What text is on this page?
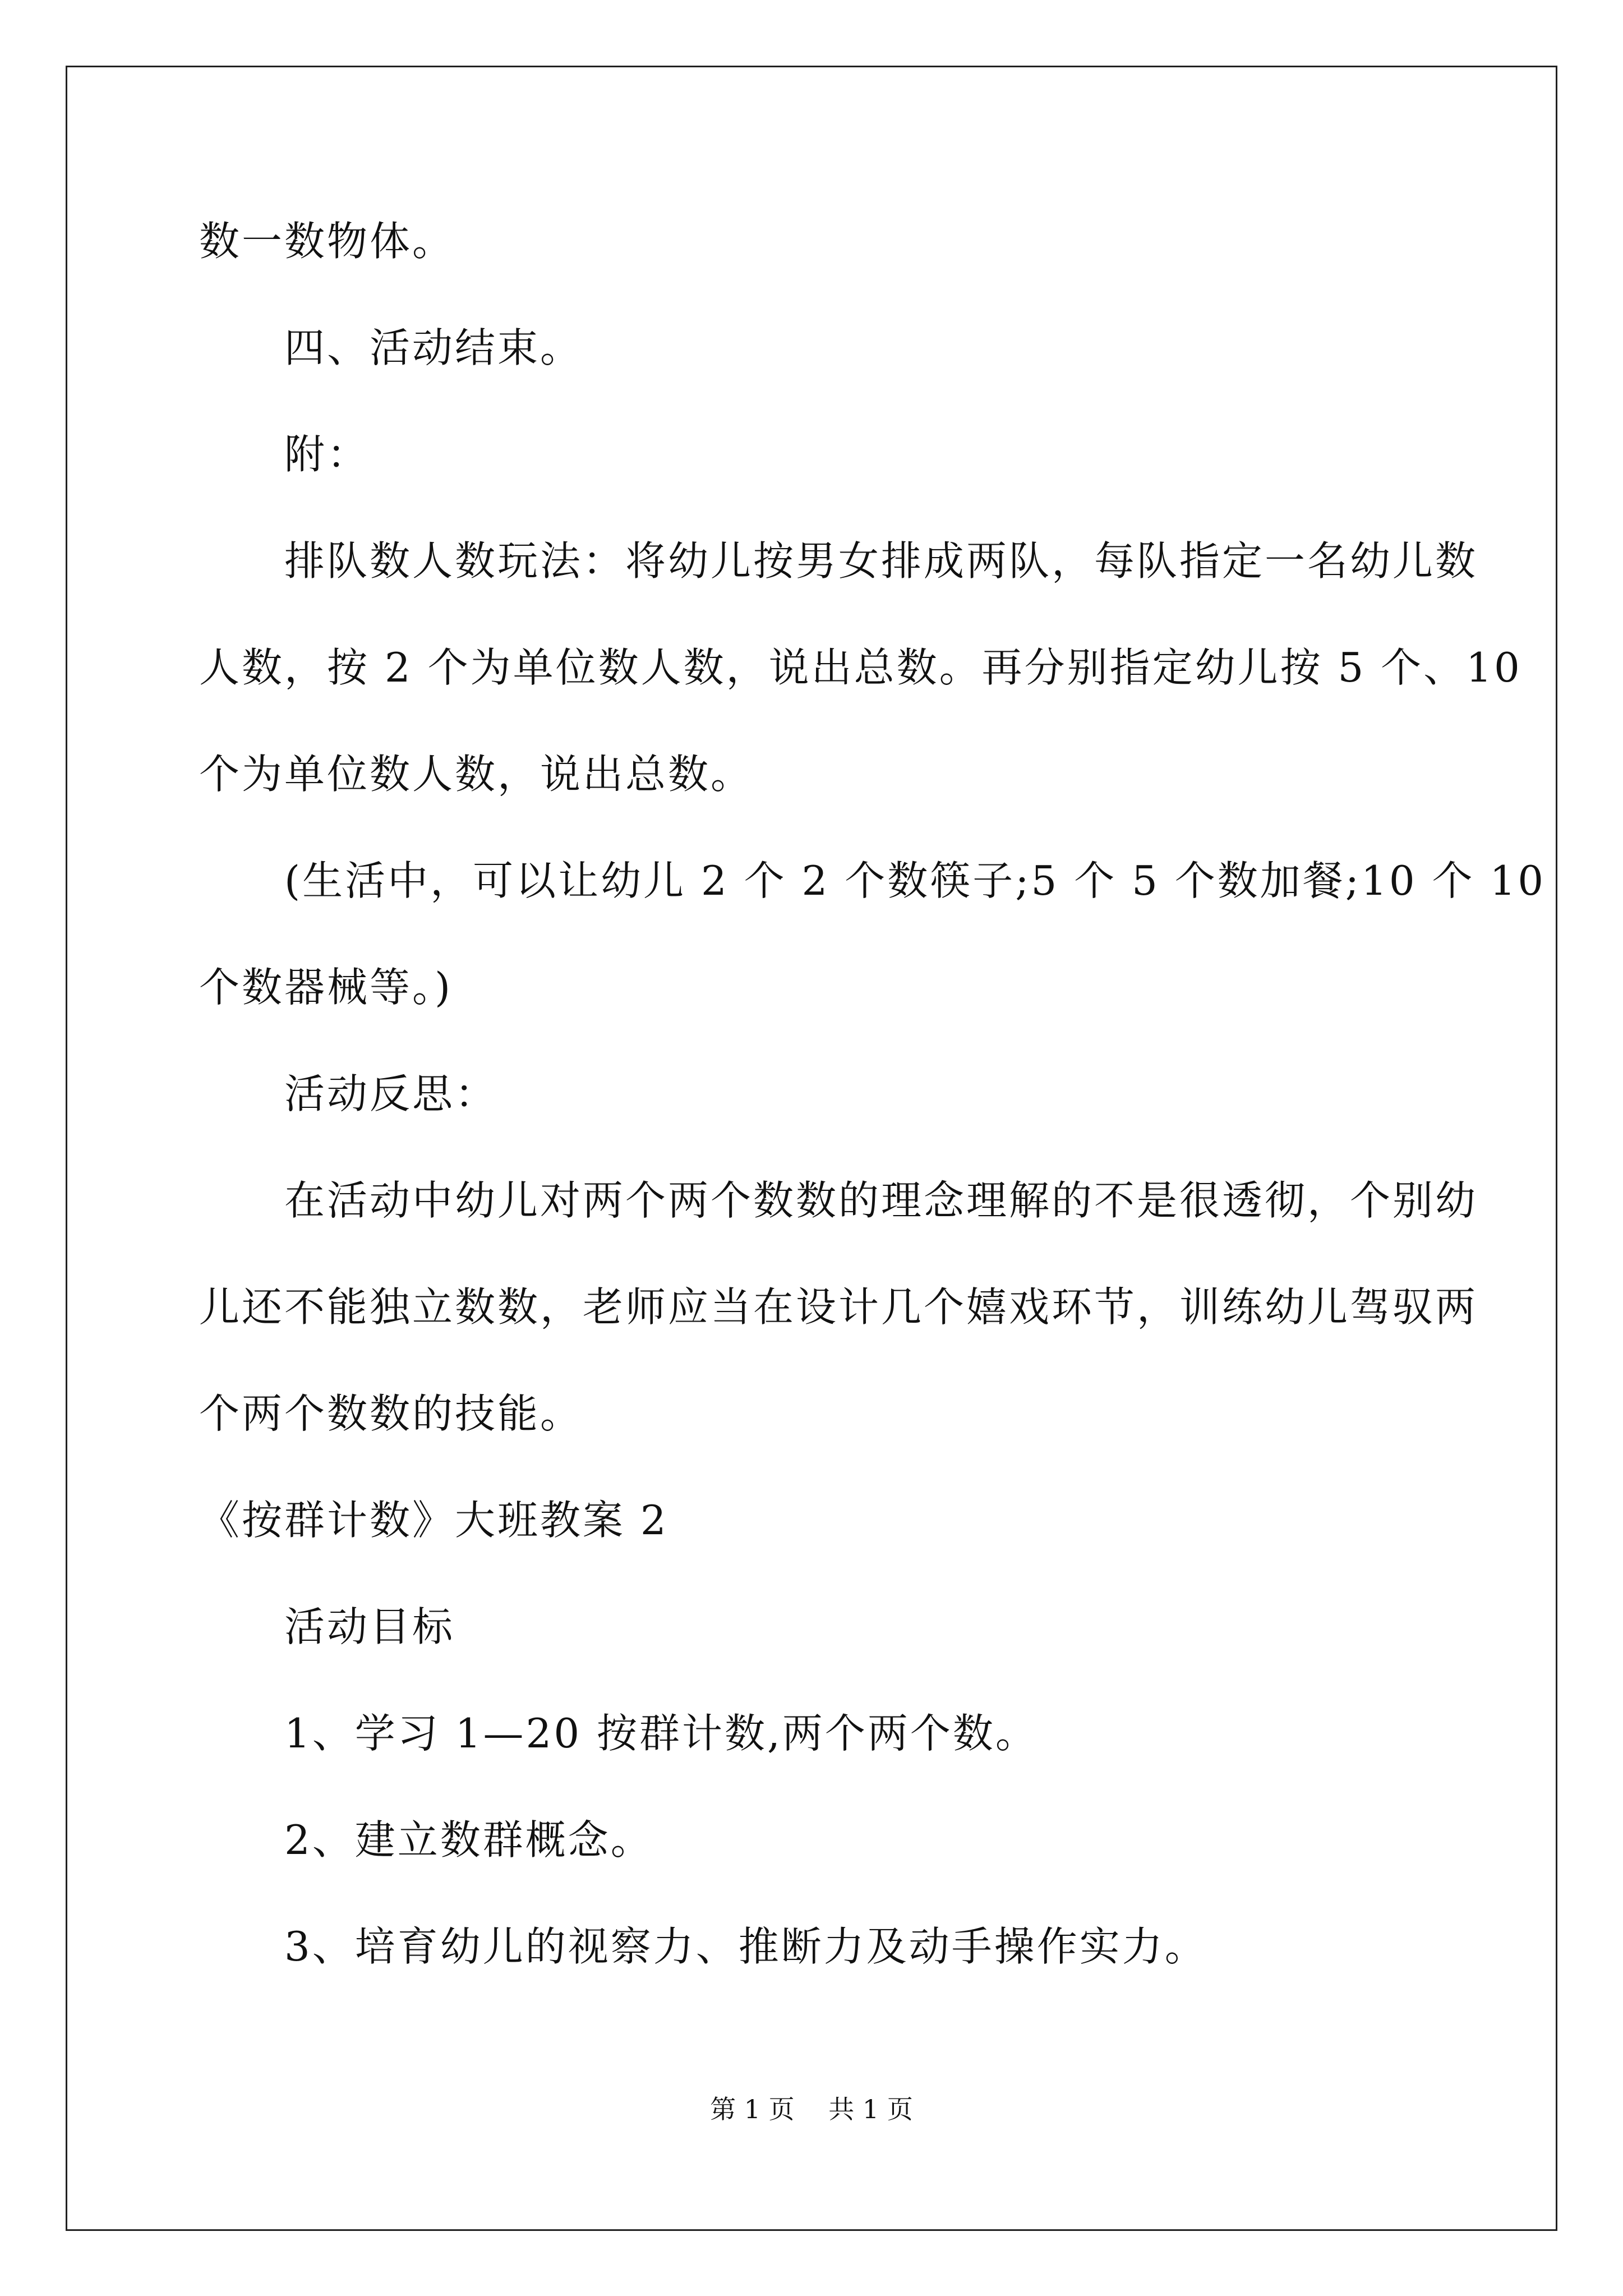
数一数物体。
　　四、活动结束。
　　附：
　　排队数人数玩法：将幼儿按男女排成两队，每队指定一名幼儿数
人数，按 2 个为单位数人数，说出总数。再分别指定幼儿按 5 个、10
个为单位数人数，说出总数。
　　(生活中，可以让幼儿 2 个 2 个数筷子;5 个 5 个数加餐;10 个 10
个数器械等。)
　　活动反思：
　　在活动中幼儿对两个两个数数的理念理解的不是很透彻，个别幼
儿还不能独立数数，老师应当在设计几个嬉戏环节，训练幼儿驾驭两
个两个数数的技能。
《按群计数》大班教案 2
　　活动目标
　　1、学习 1—20 按群计数,两个两个数。
　　2、建立数群概念。
　　3、培育幼儿的视察力、推断力及动手操作实力。
第 1 页　 共 1 页
